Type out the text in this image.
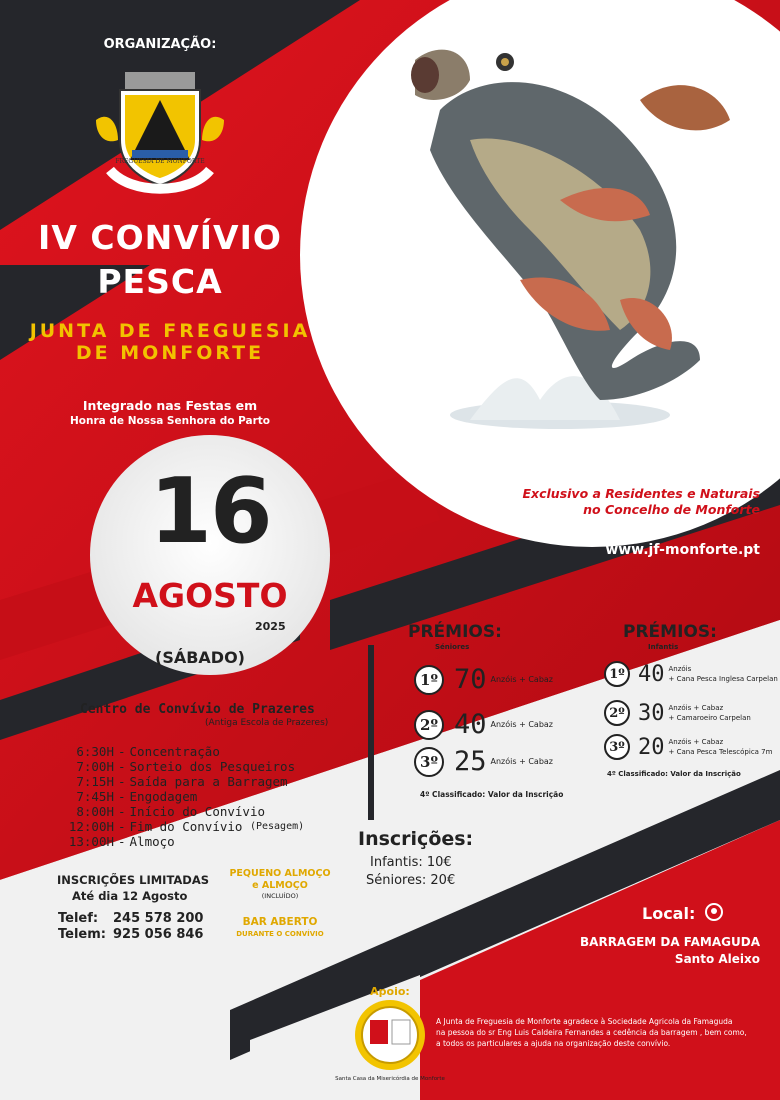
ORGANIZAÇÃO:
FREGUESIA DE MONFORTE
IV CONVÍVIO
PESCA
JUNTA DE FREGUESIA
DE MONFORTE
Integrado nas Festas em
Honra de Nossa Senhora do Parto
16
AGOSTO
2025
(SÁBADO)
Exclusivo a Residentes e Naturais
no Concelho de Monforte
www.jf-monforte.pt
Centro de Convívio de Prazeres
(Antiga Escola de Prazeres)
6:30H - Concentração
7:00H - Sorteio dos Pesqueiros
7:15H - Saída para a Barragem
7:45H - Engodagem
8:00H - Início do Convívio
12:00H - Fim do Convívio
(Pesagem)
13:00H - Almoço
PRÉMIOS:
Séniores
1º 70 Anzóis + Cabaz
2º 40 Anzóis + Cabaz
3º 25 Anzóis + Cabaz
4º Classificado: Valor da Inscrição
PRÉMIOS:
Infantis
1º 40 Anzóis
+ Cana Pesca Inglesa Carpelan
2º 30 Anzóis + Cabaz
+ Camaroeiro Carpelan
3º 20 Anzóis + Cabaz
+ Cana Pesca Telescópica 7m
4º Classificado: Valor da Inscrição
Inscrições:
Infantis: 10€
Séniores: 20€
INSCRIÇÕES LIMITADAS
Até dia 12 Agosto
Telef: 245 578 200
Telem: 925 056 846
PEQUENO ALMOÇO
e ALMOÇO
(INCLUÍDO)
BAR ABERTO
DURANTE O CONVÍVIO
Local:
BARRAGEM DA FAMAGUDA
Santo Aleixo
Apoio:
Santa Casa da Misericórdia de Monforte
A Junta de Freguesia de Monforte agradece à Sociedade Agricola da Famaguda
na pessoa do sr Eng Luis Caldeira Fernandes a cedência da barragem , bem como,
a todos os particulares a ajuda na organização deste convívio.
